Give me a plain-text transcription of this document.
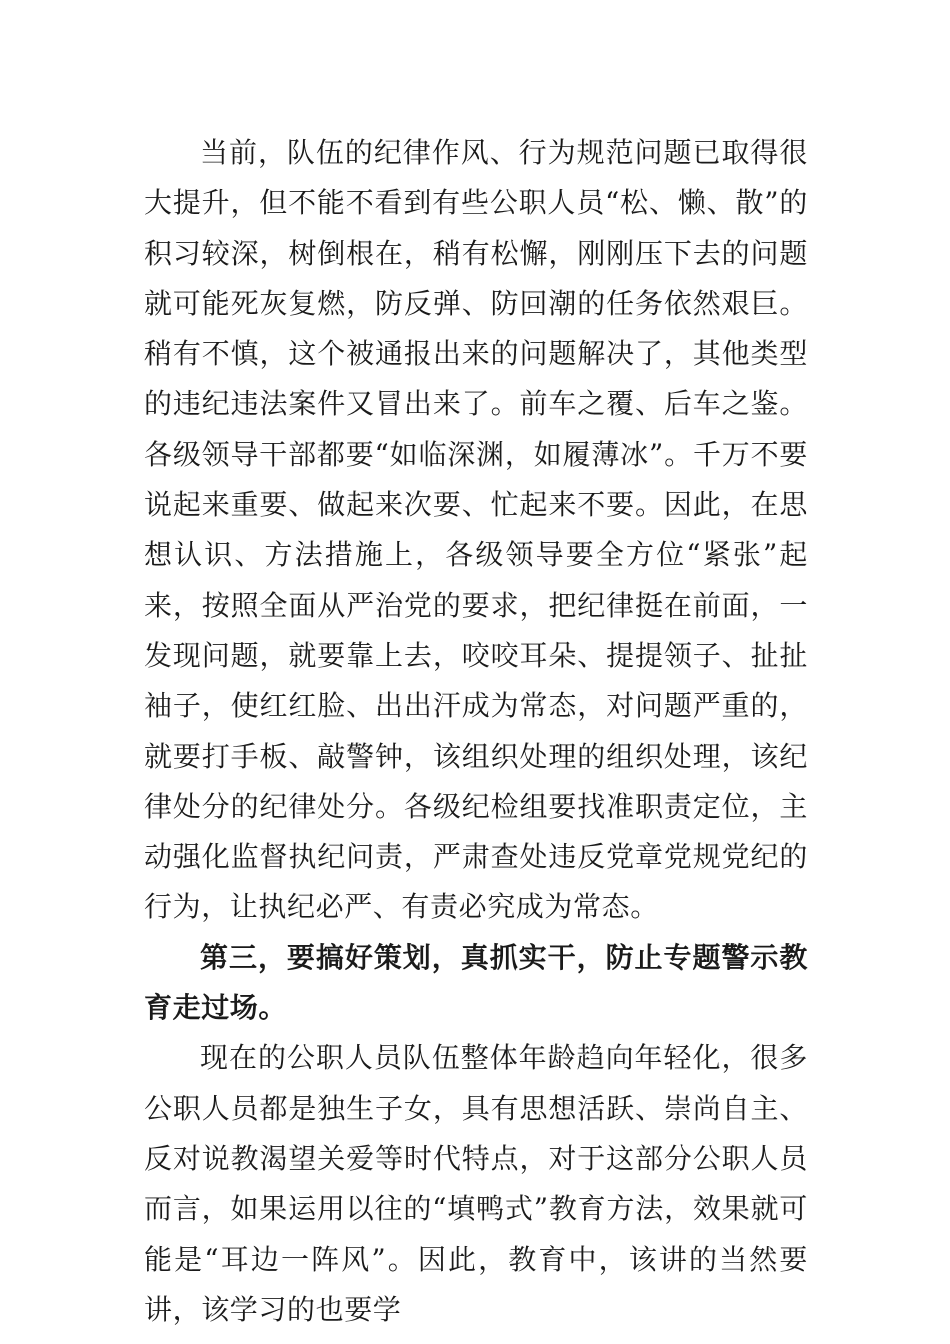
当前，队伍的纪律作风、行为规范问题已取得很大提升，但不能不看到有些公职人员“松、懒、散”的积习较深，树倒根在，稍有松懈，刚刚压下去的问题就可能死灰复燃，防反弹、防回潮的任务依然艰巨。稍有不慎，这个被通报出来的问题解决了，其他类型的违纪违法案件又冒出来了。前车之覆、后车之鉴。各级领导干部都要“如临深渊，如履薄冰”。千万不要说起来重要、做起来次要、忙起来不要。因此，在思想认识、方法措施上，各级领导要全方位“紧张”起来，按照全面从严治党的要求，把纪律挺在前面，一发现问题，就要靠上去，咬咬耳朵、提提领子、扯扯袖子，使红红脸、出出汗成为常态，对问题严重的，就要打手板、敲警钟，该组织处理的组织处理，该纪律处分的纪律处分。各级纪检组要找准职责定位，主动强化监督执纪问责，严肃查处违反党章党规党纪的行为，让执纪必严、有责必究成为常态。

第三，要搞好策划，真抓实干，防止专题警示教育走过场。

现在的公职人员队伍整体年龄趋向年轻化，很多公职人员都是独生子女，具有思想活跃、崇尚自主、反对说教渴望关爱等时代特点，对于这部分公职人员而言，如果运用以往的“填鸭式”教育方法，效果就可能是“耳边一阵风”。因此，教育中，该讲的当然要讲，该学习的也要学
